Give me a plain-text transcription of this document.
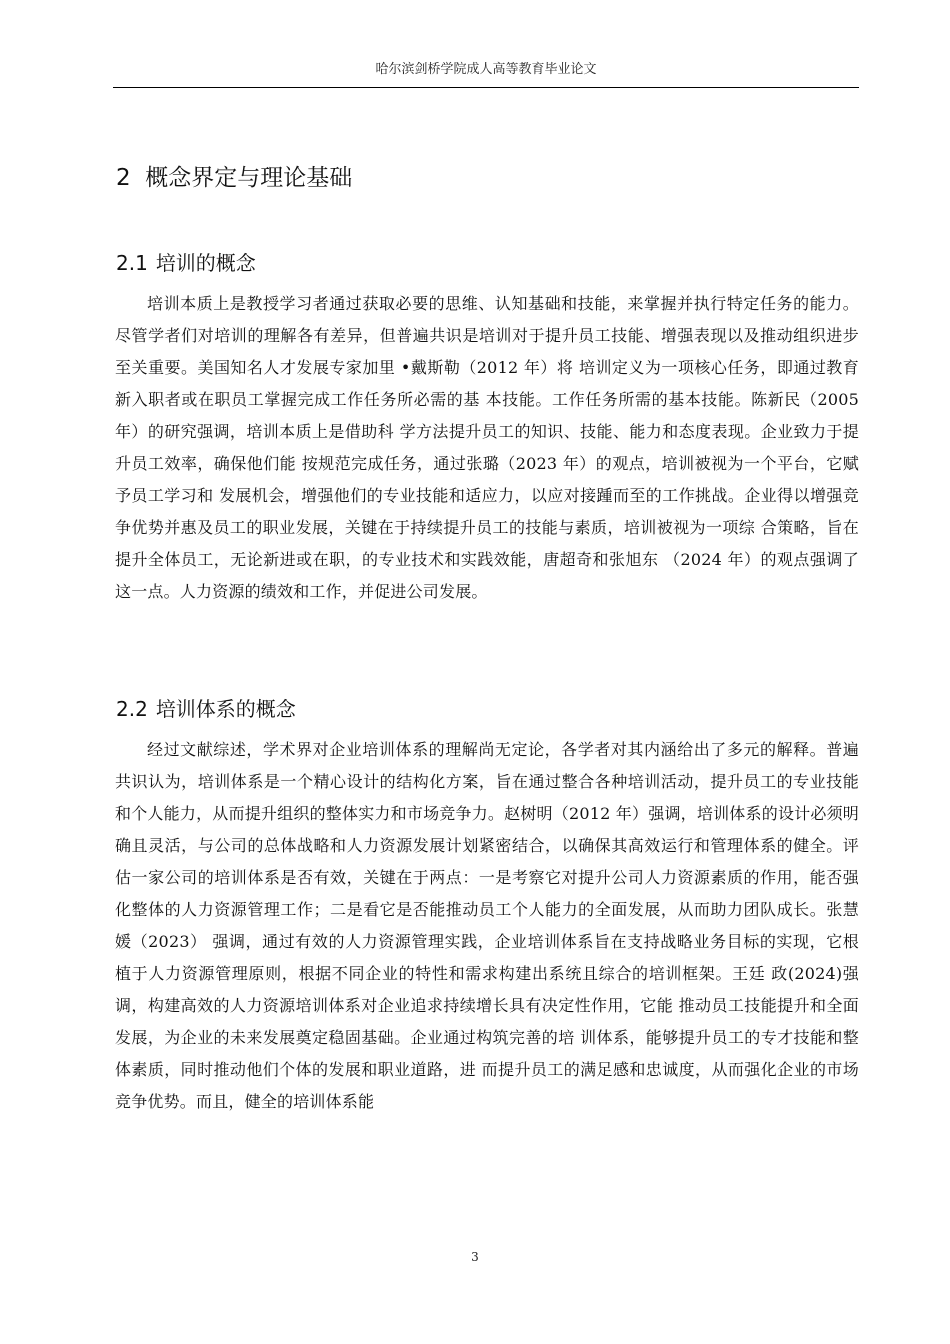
哈尔滨剑桥学院成人高等教育毕业论文
2 概念界定与理论基础
2.1 培训的概念

培训本质上是教授学习者通过获取必要的思维、认知基础和技能，来掌握并执行特定任务的能力。尽管学者们对培训的理解各有差异，但普遍共识是培训对于提升员工技能、增强表现以及推动组织进步至关重要。美国知名人才发展专家加里 •戴斯勒（2012 年）将 培训定义为一项核心任务，即通过教育新入职者或在职员工掌握完成工作任务所必需的基 本技能。工作任务所需的基本技能。陈新民（2005 年）的研究强调，培训本质上是借助科 学方法提升员工的知识、技能、能力和态度表现。企业致力于提升员工效率，确保他们能 按规范完成任务，通过张璐（2023 年）的观点，培训被视为一个平台，它赋予员工学习和 发展机会，增强他们的专业技能和适应力，以应对接踵而至的工作挑战。企业得以增强竞 争优势并惠及员工的职业发展，关键在于持续提升员工的技能与素质，培训被视为一项综 合策略，旨在提升全体员工，无论新进或在职，的专业技术和实践效能，唐超奇和张旭东 （2024 年）的观点强调了这一点。人力资源的绩效和工作，并促进公司发展。

2.2 培训体系的概念

经过文献综述，学术界对企业培训体系的理解尚无定论，各学者对其内涵给出了多元的解释。普遍共识认为，培训体系是一个精心设计的结构化方案，旨在通过整合各种培训活动，提升员工的专业技能和个人能力，从而提升组织的整体实力和市场竞争力。赵树明（2012 年）强调，培训体系的设计必须明确且灵活，与公司的总体战略和人力资源发展计划紧密结合，以确保其高效运行和管理体系的健全。评估一家公司的培训体系是否有效，关键在于两点：一是考察它对提升公司人力资源素质的作用，能否强化整体的人力资源管理工作；二是看它是否能推动员工个人能力的全面发展，从而助力团队成长。张慧媛（2023） 强调，通过有效的人力资源管理实践，企业培训体系旨在支持战略业务目标的实现，它根 植于人力资源管理原则，根据不同企业的特性和需求构建出系统且综合的培训框架。王廷 政(2024)强调，构建高效的人力资源培训体系对企业追求持续增长具有决定性作用，它能 推动员工技能提升和全面发展，为企业的未来发展奠定稳固基础。企业通过构筑完善的培 训体系，能够提升员工的专才技能和整体素质，同时推动他们个体的发展和职业道路，进 而提升员工的满足感和忠诚度，从而强化企业的市场竞争优势。而且，健全的培训体系能

3
